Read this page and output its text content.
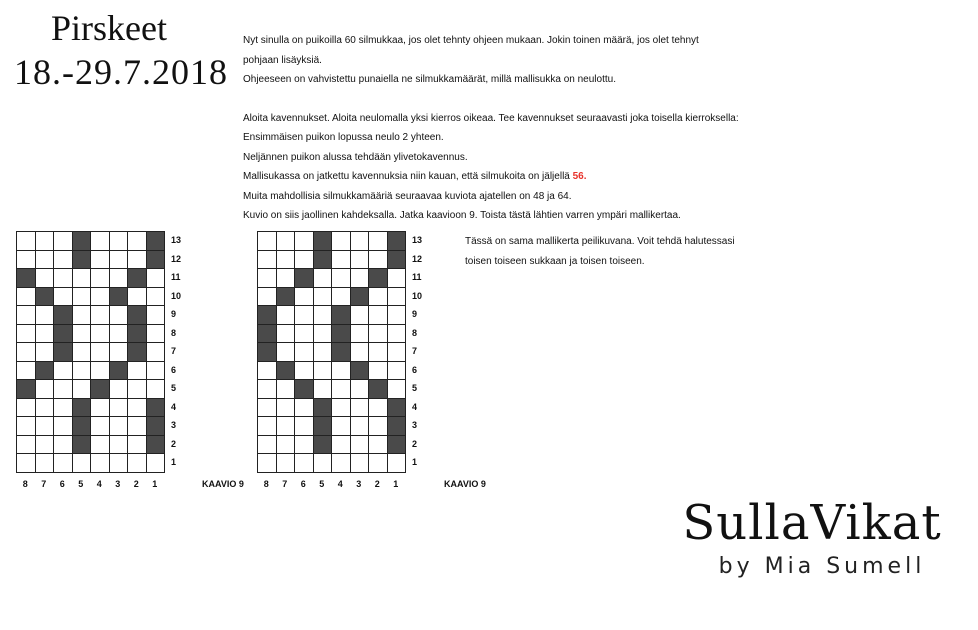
Pirskeet
18.-29.7.2018

Nyt sinulla on puikoilla 60 silmukkaa, jos olet tehnty ohjeen mukaan. Jokin toinen määrä, jos olet tehnyt

pohjaan lisäyksiä.

Ohjeeseen on vahvistettu punaiella ne silmukkamäärät, millä mallisukka on neulottu.

Aloita kavennukset. Aloita neulomalla yksi kierros oikeaa. Tee kavennukset seuraavasti joka toisella kierroksella:

Ensimmäisen puikon lopussa neulo 2 yhteen.

Neljännen puikon alussa tehdään ylivetokavennus.

Mallisukassa on jatkettu kavennuksia niin kauan, että silmukoita on jäljellä 56.

Muita mahdollisia silmukkamääriä seuraavaa kuviota ajatellen on 48 ja 64.

Kuvio on siis jaollinen kahdeksalla. Jatka kaavioon 9. Toista tästä lähtien varren ympäri mallikertaa.

13
12
11
10
9
8
7
6
5
4
3
2
1
8	7	6	5	4	3	2	1	KAAVIO 9
13
12
11
10
9
8
7
6
5
4
3
2
1
8	7	6	5	4	3	2	1	KAAVIO 9

Tässä on sama mallikerta peilikuvana. Voit tehdä halutessasi

toisen toiseen sukkaan ja toisen toiseen.

SullaVikat
by Mia Sumell
